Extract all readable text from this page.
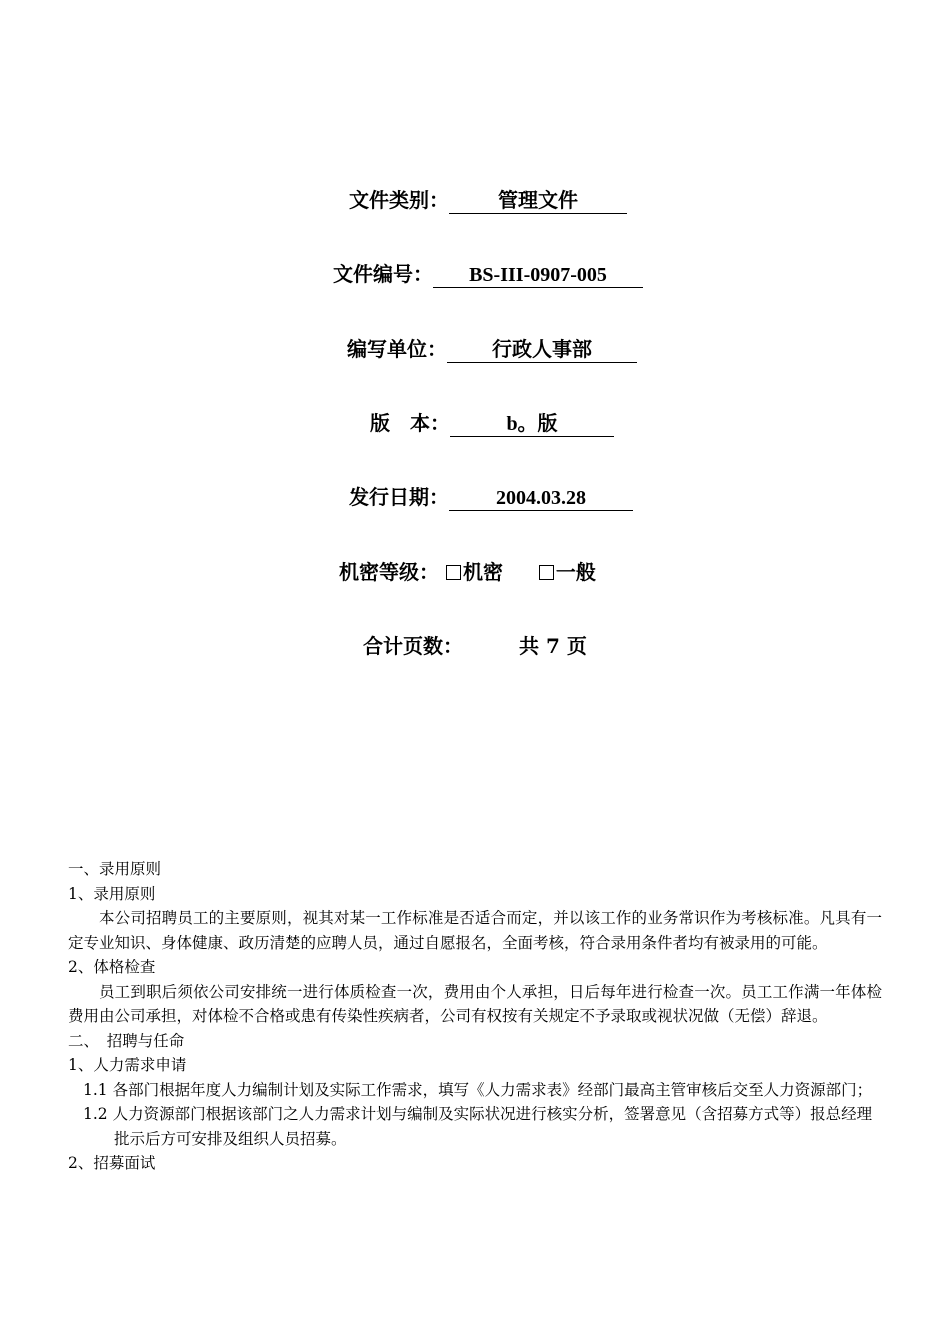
文件类别： 管理文件
文件编号： BS-III-0907-005
编写单位： 行政人事部
版　本：	b。版
发行日期： 2004.03.28
机密等级： 机密	一般
合计页数：	共 7 页

一、录用原则

1、录用原则

本公司招聘员工的主要原则，视其对某一工作标准是否适合而定，并以该工作的业务常识作为考核标准。凡具有一定专业知识、身体健康、政历清楚的应聘人员，通过自愿报名，全面考核，符合录用条件者均有被录用的可能。

2、体格检查

员工到职后须依公司安排统一进行体质检查一次，费用由个人承担，日后每年进行检查一次。员工工作满一年体检费用由公司承担，对体检不合格或患有传染性疾病者，公司有权按有关规定不予录取或视状况做（无偿）辞退。

二、　招聘与任命

1、人力需求申请

1.1 各部门根据年度人力编制计划及实际工作需求，填写《人力需求表》经部门最高主管审核后交至人力资源部门；

1.2 人力资源部门根据该部门之人力需求计划与编制及实际状况进行核实分析，签署意见（含招募方式等）报总经理批示后方可安排及组织人员招募。

2、招募面试
